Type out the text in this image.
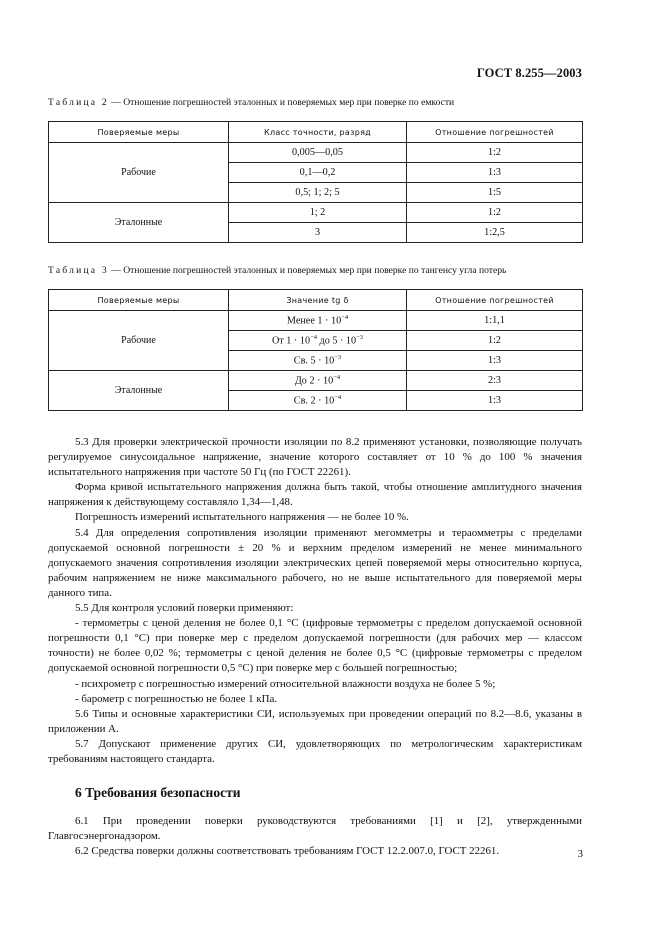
ГОСТ 8.255—2003
Таблица 2 — Отношение погрешностей эталонных и поверяемых мер при поверке по емкости
Поверяемые меры	Класс точности, разряд	Отношение погрешностей
Рабочие	0,005—0,05	1:2
	0,1—0,2	1:3
	0,5; 1; 2; 5	1:5
Эталонные	1; 2	1:2
	3	1:2,5
Таблица 3 — Отношение погрешностей эталонных и поверяемых мер при поверке по тангенсу угла потерь
Поверяемые меры	Значение tg δ	Отношение погрешностей
Рабочие	Менее $1 \cdot 10^{-4}$	1:1,1
	От $1 \cdot 10^{-4}$ до $5 \cdot 10^{-3}$	1:2
	Св. $5 \cdot 10^{-3}$	1:3
Эталонные	До $2 \cdot 10^{-4}$	2:3
	Св. $2 \cdot 10^{-4}$	1:3

5.3 Для проверки электрической прочности изоляции по 8.2 применяют установки, позволяющие получать регулируемое синусоидальное напряжение, значение которого составляет от 10 % до 100 % значения испытательного напряжения при частоте 50 Гц (по ГОСТ 22261).

Форма кривой испытательного напряжения должна быть такой, чтобы отношение амплитудного значения напряжения к действующему составляло 1,34—1,48.

Погрешность измерений испытательного напряжения — не более 10 %.

5.4 Для определения сопротивления изоляции применяют мегомметры и тераомметры с пределами допускаемой основной погрешности ± 20 % и верхним пределом измерений не менее минимального допускаемого значения сопротивления изоляции электрических цепей поверяемой меры относительно корпуса, рабочим напряжением не ниже максимального рабочего, но не выше испытательного для поверяемой меры данного типа.

5.5 Для контроля условий поверки применяют:

- термометры с ценой деления не более 0,1 °С (цифровые термометры с пределом допускаемой основной погрешности 0,1 °С) при поверке мер с пределом допускаемой погрешности (для рабочих мер — классом точности) не более 0,02 %; термометры с ценой деления не более 0,5 °С (цифровые термометры с пределом допускаемой основной погрешности 0,5 °С) при поверке мер с большей погрешностью;

- психрометр с погрешностью измерений относительной влажности воздуха не более 5 %;

- барометр с погрешностью не более 1 кПа.

5.6 Типы и основные характеристики СИ, используемых при проведении операций по 8.2—8.6, указаны в приложении А.

5.7 Допускают применение других СИ, удовлетворяющих по метрологическим характеристикам требованиям настоящего стандарта.

6 Требования безопасности

6.1 При проведении поверки руководствуются требованиями [1] и [2], утвержденными Главгосэнергонадзором.

6.2 Средства поверки должны соответствовать требованиям ГОСТ 12.2.007.0, ГОСТ 22261.	3
